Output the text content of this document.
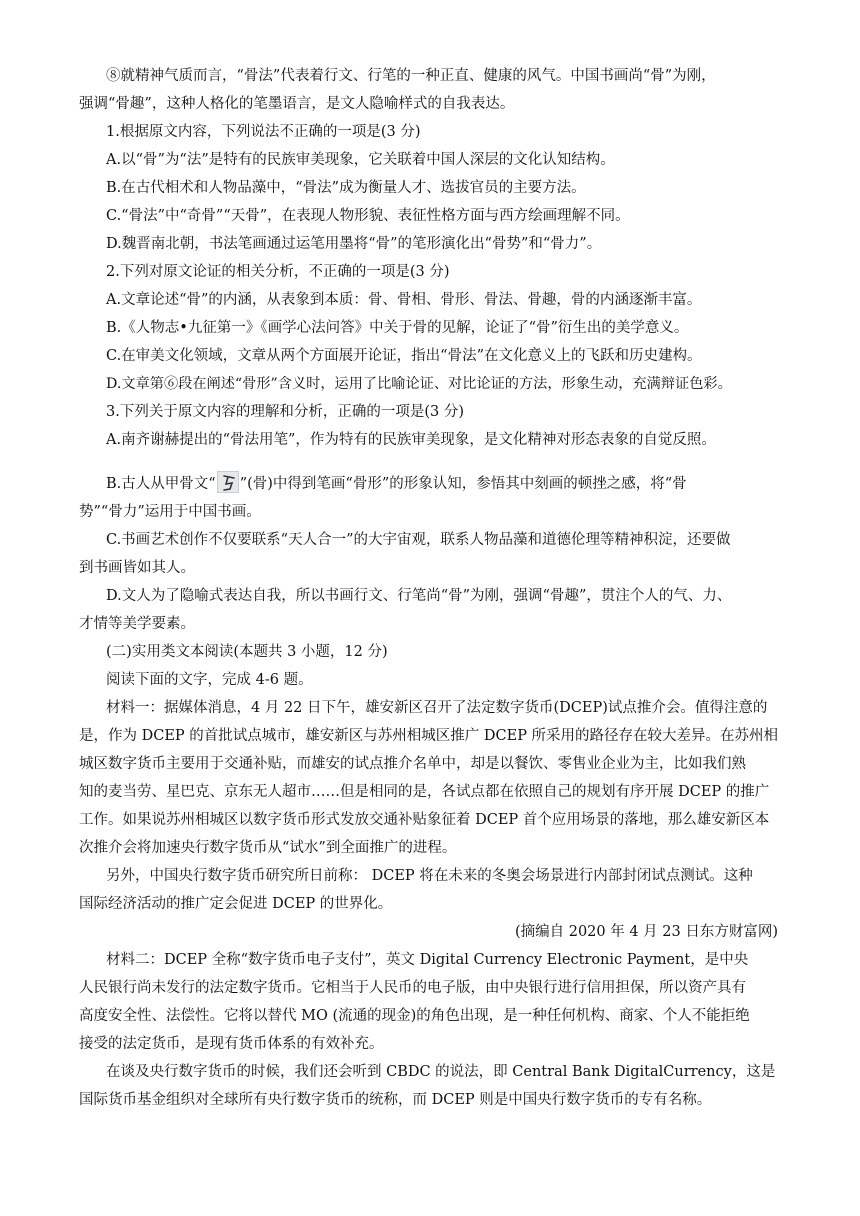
⑧就精神气质而言，“骨法”代表着行文、行笔的一种正直、健康的风气。中国书画尚“骨”为刚，
强调“骨趣”，这种人格化的笔墨语言，是文人隐喻样式的自我表达。
1.根据原文内容，下列说法不正确的一项是(3 分)
A.以“骨”为“法”是特有的民族审美现象，它关联着中国人深层的文化认知结构。
B.在古代相术和人物品藻中，“骨法”成为衡量人才、选拔官员的主要方法。
C.“骨法”中“奇骨”“天骨”，在表现人物形貌、表征性格方面与西方绘画理解不同。
D.魏晋南北朝，书法笔画通过运笔用墨将“骨”的笔形演化出“骨势”和“骨力”。
2.下列对原文论证的相关分析，不正确的一项是(3 分)
A.文章论述“骨”的内涵，从表象到本质：骨、骨相、骨形、骨法、骨趣，骨的内涵逐渐丰富。
B.《人物志•九征第一》《画学心法问答》中关于骨的见解，论证了“骨”衍生出的美学意义。
C.在审美文化领域，文章从两个方面展开论证，指出“骨法”在文化意义上的飞跃和历史建构。
D.文章第⑥段在阐述“骨形”含义时，运用了比喻论证、对比论证的方法，形象生动，充满辩证色彩。
3.下列关于原文内容的理解和分析，正确的一项是(3 分)
A.南齐谢赫提出的“骨法用笔”，作为特有的民族审美现象，是文化精神对形态表象的自觉反照。
B.古人从甲骨文“ ”(骨)中得到笔画“骨形”的形象认知，参悟其中刻画的顿挫之感，将“骨
势”“骨力”运用于中国书画。
C.书画艺术创作不仅要联系“天人合一”的大宇宙观，联系人物品藻和道德伦理等精神积淀，还要做
到书画皆如其人。
D.文人为了隐喻式表达自我，所以书画行文、行笔尚“骨”为刚，强调“骨趣”，贯注个人的气、力、
才情等美学要素。
(二)实用类文本阅读(本题共 3 小题，12 分)
阅读下面的文字，完成 4-6 题。
材料一：据媒体消息，4 月 22 日下午，雄安新区召开了法定数字货币(DCEP)试点推介会。值得注意的
是，作为 DCEP 的首批试点城市，雄安新区与苏州相城区推广 DCEP 所采用的路径存在较大差异。在苏州相
城区数字货币主要用于交通补贴，而雄安的试点推介名单中，却是以餐饮、零售业企业为主，比如我们熟
知的麦当劳、星巴克、京东无人超市……但是相同的是，各试点都在依照自己的规划有序开展 DCEP 的推广
工作。如果说苏州相城区以数字货币形式发放交通补贴象征着 DCEP 首个应用场景的落地，那么雄安新区本
次推介会将加速央行数字货币从“试水”到全面推广的进程。
另外，中国央行数字货币研究所日前称： DCEP 将在未来的冬奥会场景进行内部封闭试点测试。这种
国际经济活动的推广定会促进 DCEP 的世界化。
(摘编自 2020 年 4 月 23 日东方财富网)
材料二：DCEP 全称“数字货币电子支付”，英文 Digital Currency Electronic Payment，是中央
人民银行尚未发行的法定数字货币。它相当于人民币的电子版，由中央银行进行信用担保，所以资产具有
高度安全性、法偿性。它将以替代 MO (流通的现金)的角色出现，是一种任何机构、商家、个人不能拒绝
接受的法定货币，是现有货币体系的有效补充。
在谈及央行数字货币的时候，我们还会听到 CBDC 的说法，即 Central Bank DigitalCurrency，这是
国际货币基金组织对全球所有央行数字货币的统称，而 DCEP 则是中国央行数字货币的专有名称。
